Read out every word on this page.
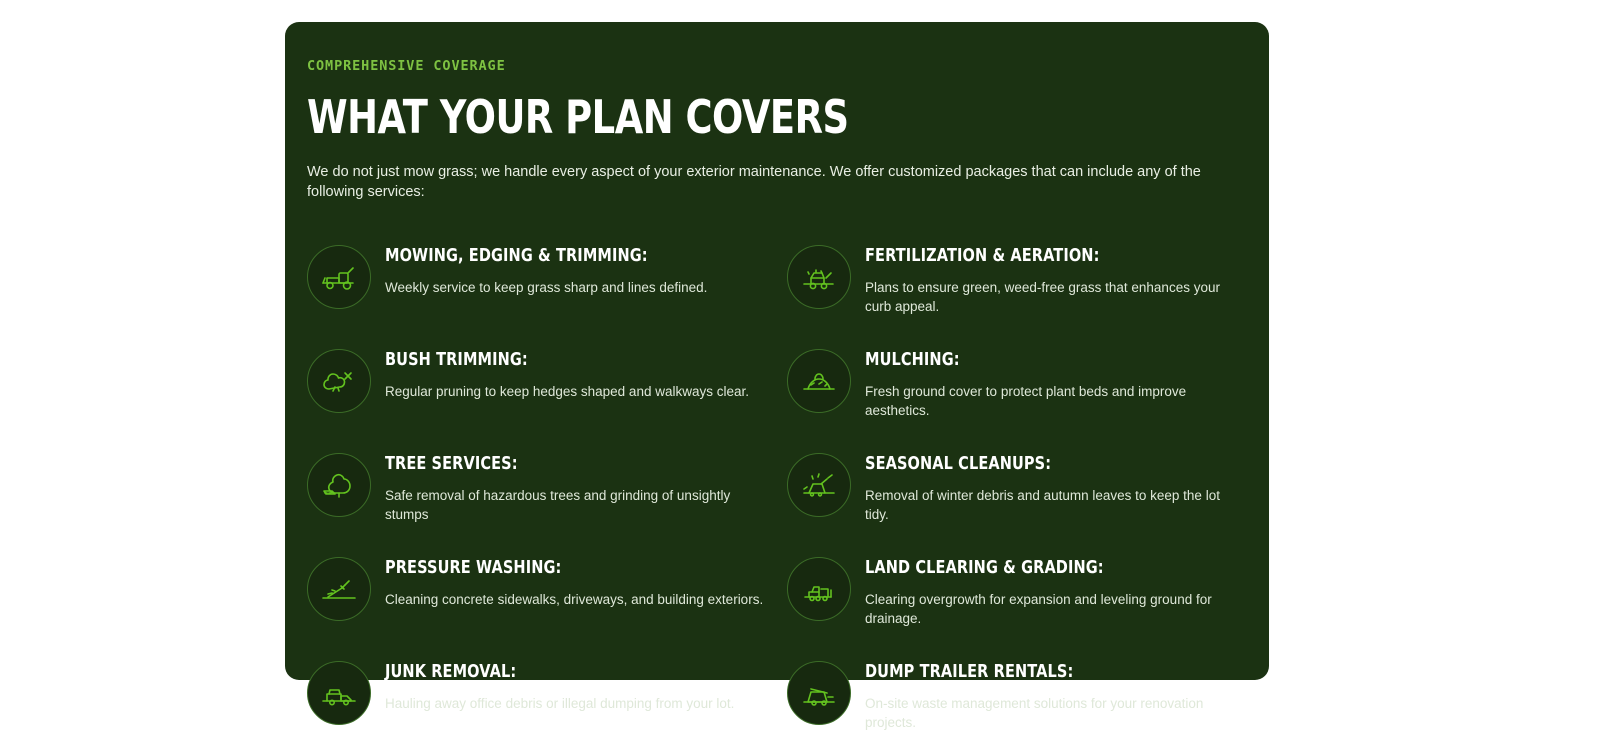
COMPREHENSIVE COVERAGE
WHAT YOUR PLAN COVERS

We do not just mow grass; we handle every aspect of your exterior maintenance. We offer customized packages that can include any of the following services:

MOWING, EDGING & TRIMMING:
Weekly service to keep grass sharp and lines defined.
FERTILIZATION & AERATION:
Plans to ensure green, weed-free grass that enhances your curb appeal.
BUSH TRIMMING:
Regular pruning to keep hedges shaped and walkways clear.
MULCHING:
Fresh ground cover to protect plant beds and improve aesthetics.
TREE SERVICES:
Safe removal of hazardous trees and grinding of unsightly stumps
SEASONAL CLEANUPS:
Removal of winter debris and autumn leaves to keep the lot tidy.
PRESSURE WASHING:
Cleaning concrete sidewalks, driveways, and building exteriors.
LAND CLEARING & GRADING:
Clearing overgrowth for expansion and leveling ground for drainage.
JUNK REMOVAL:
Hauling away office debris or illegal dumping from your lot.
DUMP TRAILER RENTALS:
On-site waste management solutions for your renovation projects.
